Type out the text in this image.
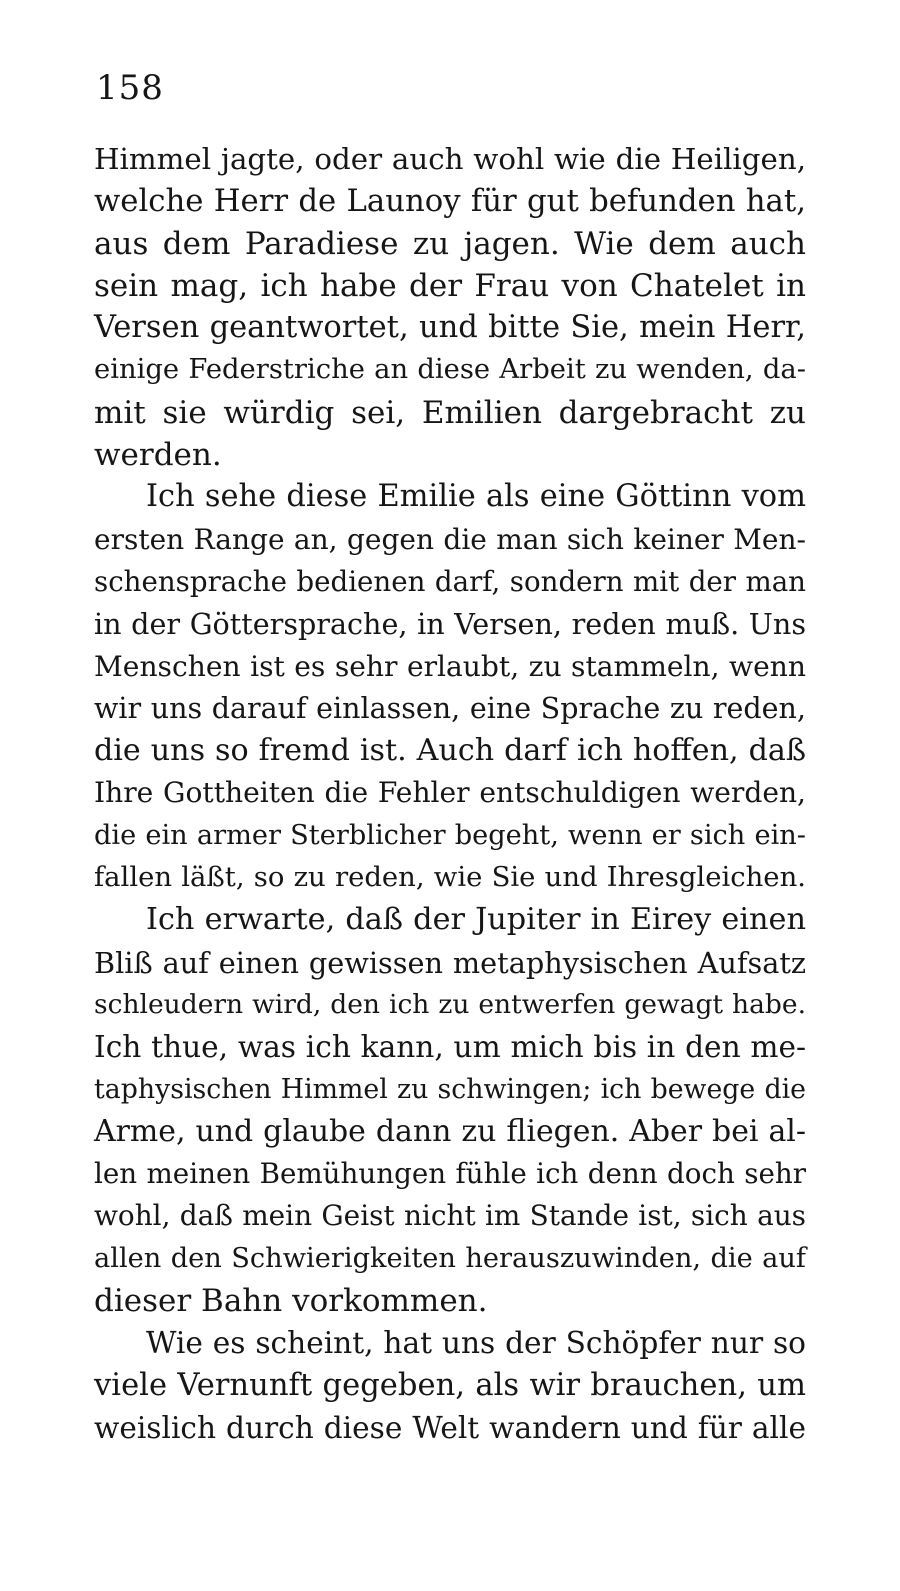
158
Himmel jagte, oder auch wohl wie die Heiligen,
welche Herr de Launoy für gut befunden hat,
aus dem Paradiese zu jagen. Wie dem auch
sein mag, ich habe der Frau von Chatelet in
Versen geantwortet, und bitte Sie, mein Herr,
einige Federstriche an diese Arbeit zu wenden, da-
mit sie würdig sei, Emilien dargebracht zu
werden.
Ich sehe diese Emilie als eine Göttinn vom
ersten Range an, gegen die man sich keiner Men-
schensprache bedienen darf, sondern mit der man
in der Göttersprache, in Versen, reden muß. Uns
Menschen ist es sehr erlaubt, zu stammeln, wenn
wir uns darauf einlassen, eine Sprache zu reden,
die uns so fremd ist. Auch darf ich hoffen, daß
Ihre Gottheiten die Fehler entschuldigen werden,
die ein armer Sterblicher begeht, wenn er sich ein-
fallen läßt, so zu reden, wie Sie und Ihresgleichen.
Ich erwarte, daß der Jupiter in Eirey einen
Bliß auf einen gewissen metaphysischen Aufsatz
schleudern wird, den ich zu entwerfen gewagt habe.
Ich thue, was ich kann, um mich bis in den me-
taphysischen Himmel zu schwingen; ich bewege die
Arme, und glaube dann zu fliegen. Aber bei al-
len meinen Bemühungen fühle ich denn doch sehr
wohl, daß mein Geist nicht im Stande ist, sich aus
allen den Schwierigkeiten herauszuwinden, die auf
dieser Bahn vorkommen.
Wie es scheint, hat uns der Schöpfer nur so
viele Vernunft gegeben, als wir brauchen, um
weislich durch diese Welt wandern und für alle
